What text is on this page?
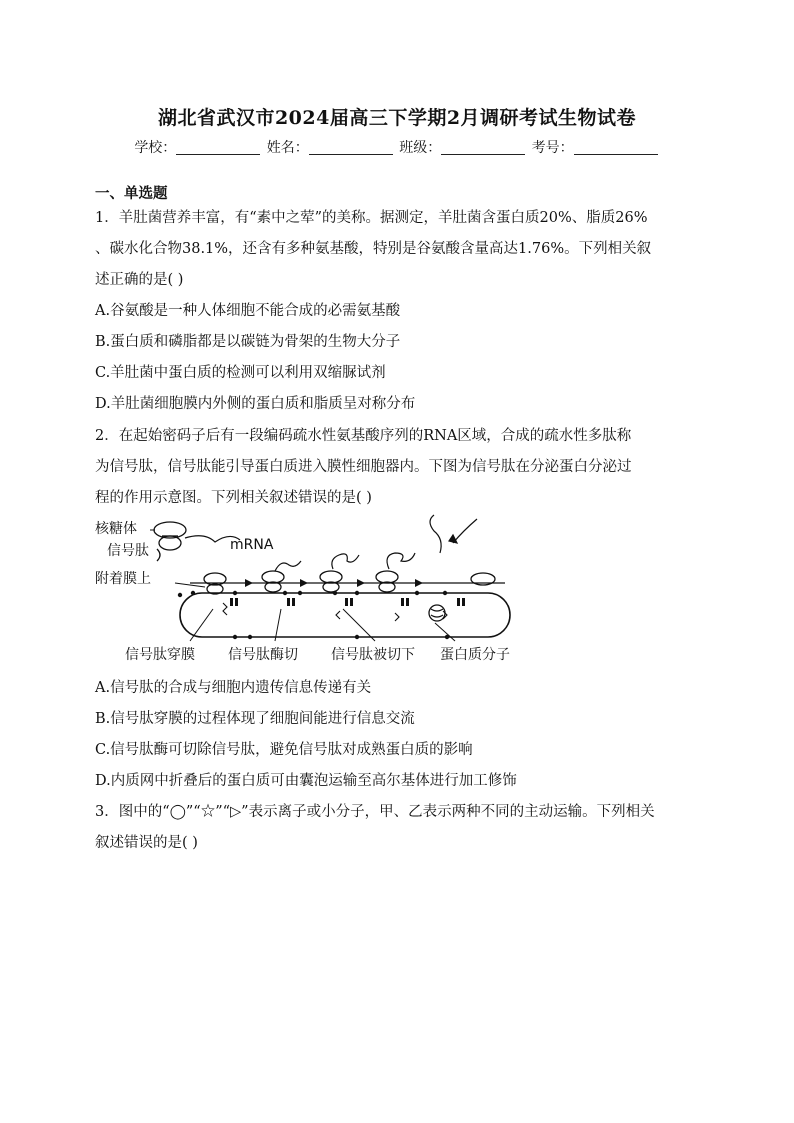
湖北省武汉市2024届高三下学期2月调研考试生物试卷
学校：	姓名：	班级：	考号：
一、单选题
1．羊肚菌营养丰富，有“素中之荤”的美称。据测定，羊肚菌含蛋白质20%、脂质26%
、碳水化合物38.1%，还含有多种氨基酸，特别是谷氨酸含量高达1.76%。下列相关叙
述正确的是( )
A.谷氨酸是一种人体细胞不能合成的必需氨基酸
B.蛋白质和磷脂都是以碳链为骨架的生物大分子
C.羊肚菌中蛋白质的检测可以利用双缩脲试剂
D.羊肚菌细胞膜内外侧的蛋白质和脂质呈对称分布
2．在起始密码子后有一段编码疏水性氨基酸序列的RNA区域，合成的疏水性多肽称
为信号肽，信号肽能引导蛋白质进入膜性细胞器内。下图为信号肽在分泌蛋白分泌过
程的作用示意图。下列相关叙述错误的是( )
核糖体
信号肽	mRNA
附着膜上
信号肽穿膜 信号肽酶切 信号肽被切下 蛋白质分子
A.信号肽的合成与细胞内遗传信息传递有关
B.信号肽穿膜的过程体现了细胞间能进行信息交流
C.信号肽酶可切除信号肽，避免信号肽对成熟蛋白质的影响
D.内质网中折叠后的蛋白质可由囊泡运输至高尔基体进行加工修饰
3．图中的“◯”“☆”“▷”表示离子或小分子，甲、乙表示两种不同的主动运输。下列相关
叙述错误的是( )
